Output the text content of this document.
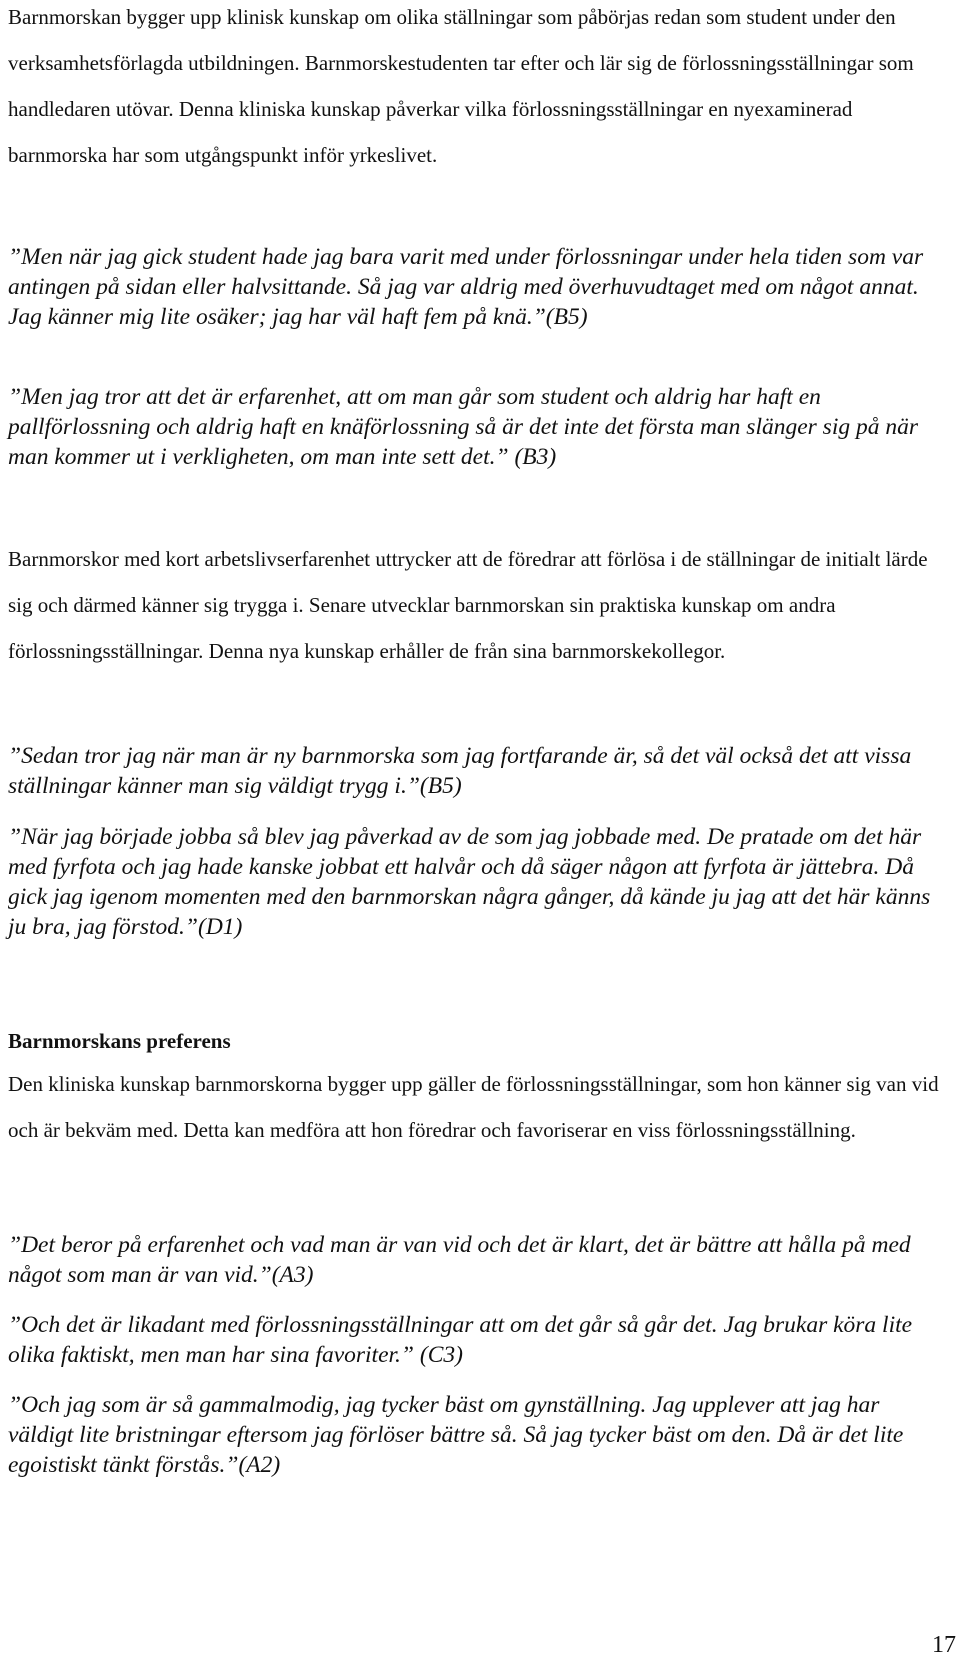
Barnmorskan bygger upp klinisk kunskap om olika ställningar som påbörjas redan som student under den verksamhetsförlagda utbildningen. Barnmorskestudenten tar efter och lär sig de förlossningsställningar som handledaren utövar. Denna kliniska kunskap påverkar vilka förlossningsställningar en nyexaminerad barnmorska har som utgångspunkt inför yrkeslivet.

”Men när jag gick student hade jag bara varit med under förlossningar under hela tiden som var antingen på sidan eller halvsittande. Så jag var aldrig med överhuvudtaget med om något annat. Jag känner mig lite osäker; jag har väl haft fem på knä.”(B5)

”Men jag tror att det är erfarenhet, att om man går som student och aldrig har haft en pallförlossning och aldrig haft en knäförlossning så är det inte det första man slänger sig på när man kommer ut i verkligheten, om man inte sett det.” (B3)

Barnmorskor med kort arbetslivserfarenhet uttrycker att de föredrar att förlösa i de ställningar de initialt lärde sig och därmed känner sig trygga i. Senare utvecklar barnmorskan sin praktiska kunskap om andra förlossningsställningar. Denna nya kunskap erhåller de från sina barnmorskekollegor.

”Sedan tror jag när man är ny barnmorska som jag fortfarande är, så det väl också det att vissa ställningar känner man sig väldigt trygg i.”(B5)

”När jag började jobba så blev jag påverkad av de som jag jobbade med. De pratade om det här med fyrfota och jag hade kanske jobbat ett halvår och då säger någon att fyrfota är jättebra. Då gick jag igenom momenten med den barnmorskan några gånger, då kände ju jag att det här känns ju bra, jag förstod.”(D1)

Barnmorskans preferens

Den kliniska kunskap barnmorskorna bygger upp gäller de förlossningsställningar, som hon känner sig van vid och är bekväm med. Detta kan medföra att hon föredrar och favoriserar en viss förlossningsställning.

”Det beror på erfarenhet och vad man är van vid och det är klart, det är bättre att hålla på med något som man är van vid.”(A3)

”Och det är likadant med förlossningsställningar att om det går så går det. Jag brukar köra lite olika faktiskt, men man har sina favoriter.” (C3)

”Och jag som är så gammalmodig, jag tycker bäst om gynställning. Jag upplever att jag har väldigt lite bristningar eftersom jag förlöser bättre så. Så jag tycker bäst om den. Då är det lite egoistiskt tänkt förstås.”(A2)

17
